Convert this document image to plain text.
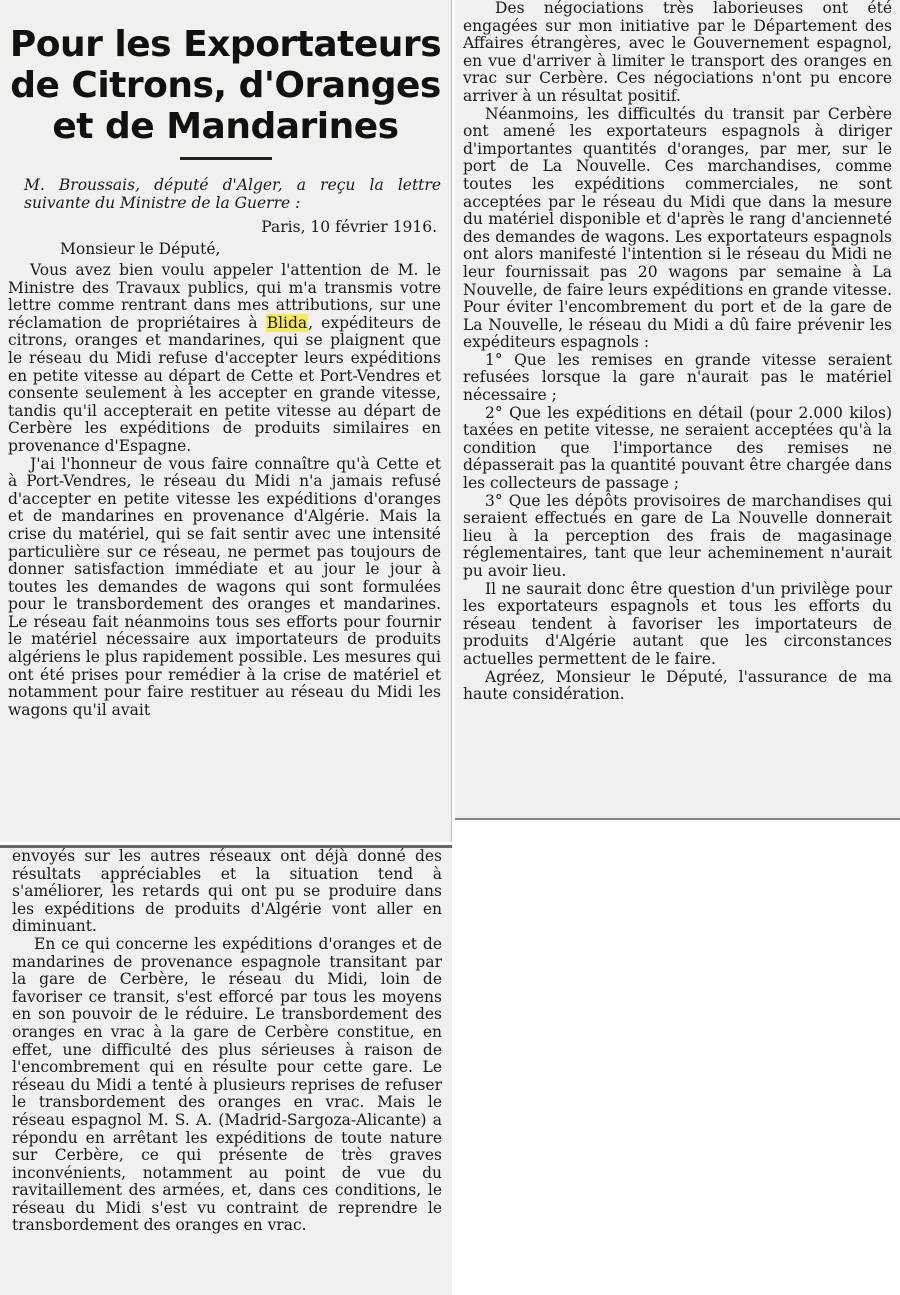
Pour les Exportateurs
de Citrons, d'Oranges
et de Mandarines
M. Broussais, député d'Alger, a reçu la lettre suivante du Ministre de la Guerre :
Paris, 10 février 1916.
Monsieur le Député,

Vous avez bien voulu appeler l'attention de M. le Ministre des Travaux publics, qui m'a transmis votre lettre comme rentrant dans mes attributions, sur une réclamation de propriétaires à Blida, expéditeurs de citrons, oranges et mandarines, qui se plaignent que le réseau du Midi refuse d'accepter leurs expéditions en petite vitesse au départ de Cette et Port-Vendres et consente seulement à les accepter en grande vitesse, tandis qu'il accepterait en petite vitesse au départ de Cerbère les expéditions de produits similaires en provenance d'Espagne.

J'ai l'honneur de vous faire connaître qu'à Cette et à Port-Vendres, le réseau du Midi n'a jamais refusé d'accepter en petite vitesse les expéditions d'oranges et de mandarines en provenance d'Algérie. Mais la crise du matériel, qui se fait sentir avec une intensité particulière sur ce réseau, ne permet pas toujours de donner satisfaction immédiate et au jour le jour à toutes les demandes de wagons qui sont formulées pour le transbordement des oranges et mandarines. Le réseau fait néanmoins tous ses efforts pour fournir le matériel nécessaire aux importateurs de produits algériens le plus rapidement possible. Les mesures qui ont été prises pour remédier à la crise de matériel et notamment pour faire restituer au réseau du Midi les wagons qu'il avait

Des négociations très laborieuses ont été engagées sur mon initiative par le Département des Affaires étrangères, avec le Gouvernement espagnol, en vue d'arriver à limiter le transport des oranges en vrac sur Cerbère. Ces négociations n'ont pu encore arriver à un résultat positif.

Néanmoins, les difficultés du transit par Cerbère ont amené les exportateurs espagnols à diriger d'importantes quantités d'oranges, par mer, sur le port de La Nouvelle. Ces marchandises, comme toutes les expéditions commerciales, ne sont acceptées par le réseau du Midi que dans la mesure du matériel disponible et d'après le rang d'ancienneté des demandes de wagons. Les exportateurs espagnols ont alors manifesté l'intention si le réseau du Midi ne leur fournissait pas 20 wagons par semaine à La Nouvelle, de faire leurs expéditions en grande vitesse. Pour éviter l'encombrement du port et de la gare de La Nouvelle, le réseau du Midi a dû faire prévenir les expéditeurs espagnols :

1° Que les remises en grande vitesse seraient refusées lorsque la gare n'aurait pas le matériel nécessaire ;

2° Que les expéditions en détail (pour 2.000 kilos) taxées en petite vitesse, ne seraient acceptées qu'à la condition que l'importance des remises ne dépasserait pas la quantité pouvant être chargée dans les collecteurs de passage ;

3° Que les dépôts provisoires de marchandises qui seraient effectués en gare de La Nouvelle donnerait lieu à la perception des frais de magasinage réglementaires, tant que leur acheminement n'aurait pu avoir lieu.

Il ne saurait donc être question d'un privilège pour les exportateurs espagnols et tous les efforts du réseau tendent à favoriser les importateurs de produits d'Algérie autant que les circonstances actuelles permettent de le faire.

Agréez, Monsieur le Député, l'assurance de ma haute considération.

envoyés sur les autres réseaux ont déjà donné des résultats appréciables et la situation tend à s'améliorer, les retards qui ont pu se produire dans les expéditions de produits d'Algérie vont aller en diminuant.

En ce qui concerne les expéditions d'oranges et de mandarines de provenance espagnole transitant par la gare de Cerbère, le réseau du Midi, loin de favoriser ce transit, s'est efforcé par tous les moyens en son pouvoir de le réduire. Le transbordement des oranges en vrac à la gare de Cerbère constitue, en effet, une difficulté des plus sérieuses à raison de l'encombrement qui en résulte pour cette gare. Le réseau du Midi a tenté à plusieurs reprises de refuser le transbordement des oranges en vrac. Mais le réseau espagnol M. S. A. (Madrid-Sargoza-Alicante) a répondu en arrêtant les expéditions de toute nature sur Cerbère, ce qui présente de très graves inconvénients, notamment au point de vue du ravitaillement des armées, et, dans ces conditions, le réseau du Midi s'est vu contraint de reprendre le transbordement des oranges en vrac.
